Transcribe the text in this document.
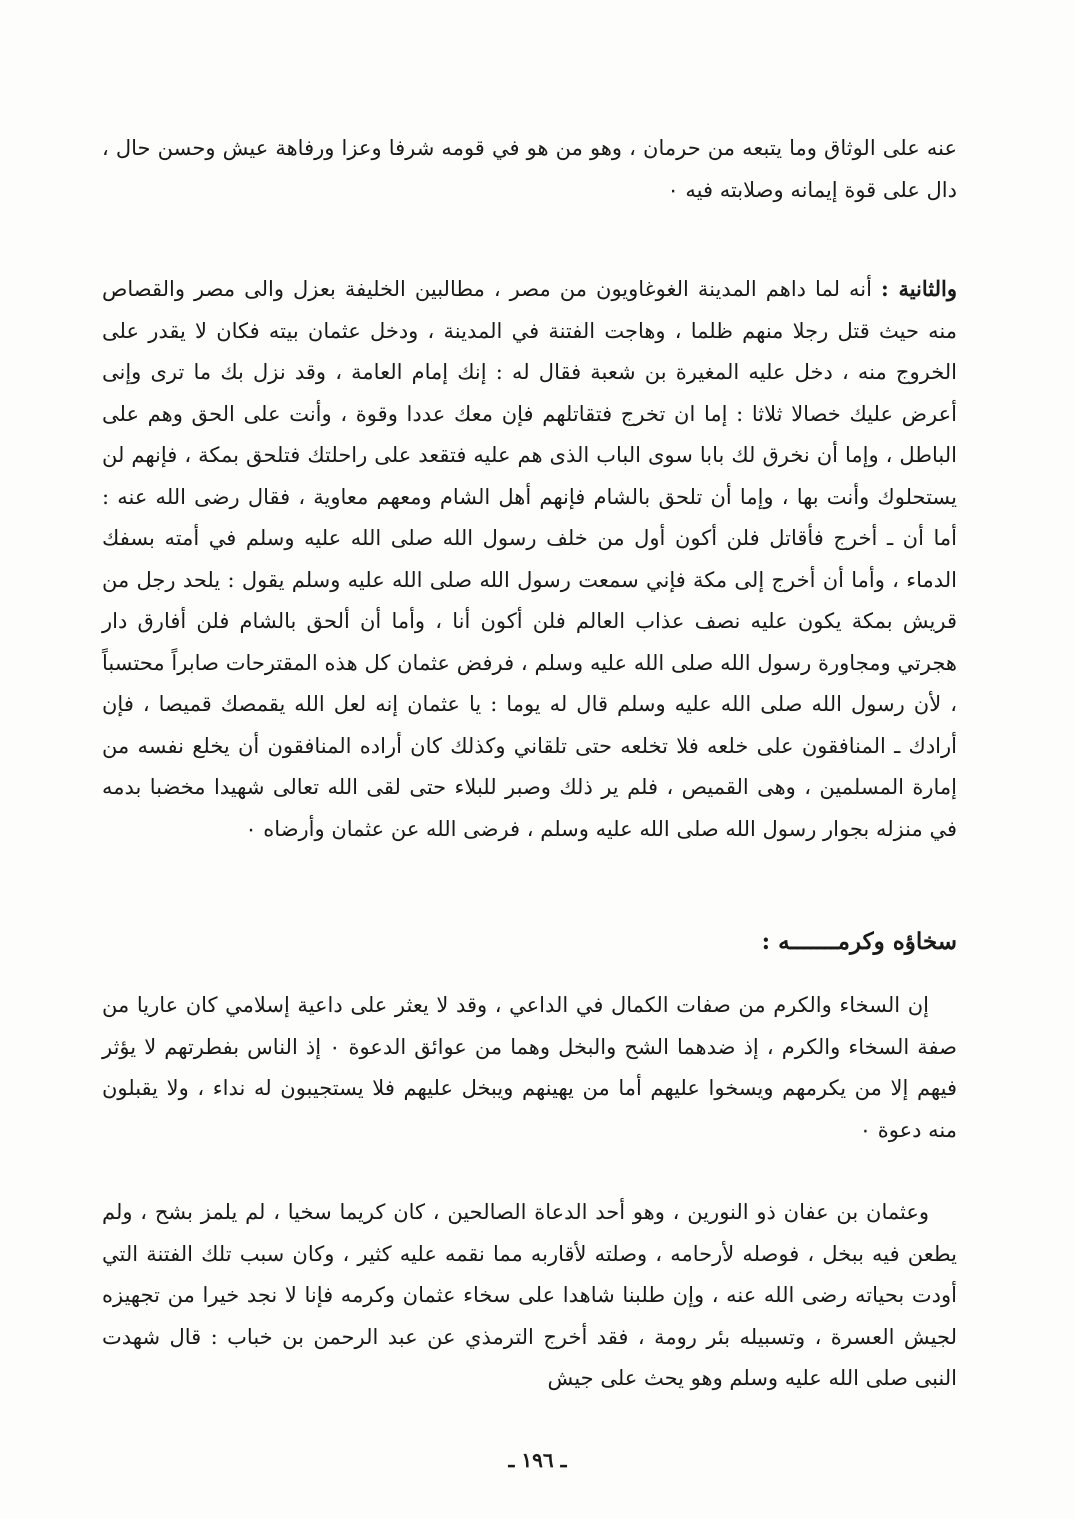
عنه على الوثاق وما يتبعه من حرمان ، وهو من هو في قومه شرفا وعزا ورفاهة عيش وحسن حال ، دال على قوة إيمانه وصلابته فيه ٠

والثانية : أنه لما داهم المدينة الغوغاويون من مصر ، مطالبين الخليفة بعزل والى مصر والقصاص منه حيث قتل رجلا منهم ظلما ، وهاجت الفتنة في المدينة ، ودخل عثمان بيته فكان لا يقدر على الخروج منه ، دخل عليه المغيرة بن شعبة فقال له : إنك إمام العامة ، وقد نزل بك ما ترى وإنى أعرض عليك خصالا ثلاثا : إما ان تخرج فتقاتلهم فإن معك عددا وقوة ، وأنت على الحق وهم على الباطل ، وإما أن نخرق لك بابا سوى الباب الذى هم عليه فتقعد على راحلتك فتلحق بمكة ، فإنهم لن يستحلوك وأنت بها ، وإما أن تلحق بالشام فإنهم أهل الشام ومعهم معاوية ، فقال رضى الله عنه : أما أن ـ أخرج فأقاتل فلن أكون أول من خلف رسول الله صلى الله عليه وسلم في أمته بسفك الدماء ، وأما أن أخرج إلى مكة فإني سمعت رسول الله صلى الله عليه وسلم يقول : يلحد رجل من قريش بمكة يكون عليه نصف عذاب العالم فلن أكون أنا ، وأما أن ألحق بالشام فلن أفارق دار هجرتي ومجاورة رسول الله صلى الله عليه وسلم ، فرفض عثمان كل هذه المقترحات صابراً محتسباً ، لأن رسول الله صلى الله عليه وسلم قال له يوما : يا عثمان إنه لعل الله يقمصك قميصا ، فإن أرادك ـ المنافقون على خلعه فلا تخلعه حتى تلقاني وكذلك كان أراده المنافقون أن يخلع نفسه من إمارة المسلمين ، وهى القميص ، فلم ير ذلك وصبر للبلاء حتى لقى الله تعالى شهيدا مخضبا بدمه في منزله بجوار رسول الله صلى الله عليه وسلم ، فرضى الله عن عثمان وأرضاه ٠

سخاؤه وكرمـــــــه :

إن السخاء والكرم من صفات الكمال في الداعي ، وقد لا يعثر على داعية إسلامي كان عاريا من صفة السخاء والكرم ، إذ ضدهما الشح والبخل وهما من عوائق الدعوة ٠ إذ الناس بفطرتهم لا يؤثر فيهم إلا من يكرمهم ويسخوا عليهم أما من يهينهم ويبخل عليهم فلا يستجيبون له نداء ، ولا يقبلون منه دعوة ٠

وعثمان بن عفان ذو النورين ، وهو أحد الدعاة الصالحين ، كان كريما سخيا ، لم يلمز بشح ، ولم يطعن فيه ببخل ، فوصله لأرحامه ، وصلته لأقاربه مما نقمه عليه كثير ، وكان سبب تلك الفتنة التي أودت بحياته رضى الله عنه ، وإن طلبنا شاهدا على سخاء عثمان وكرمه فإنا لا نجد خيرا من تجهيزه لجيش العسرة ، وتسبيله بئر رومة ، فقد أخرج الترمذي عن عبد الرحمن بن خباب : قال شهدت النبى صلى الله عليه وسلم وهو يحث على جيش

ـ ١٩٦ ـ
